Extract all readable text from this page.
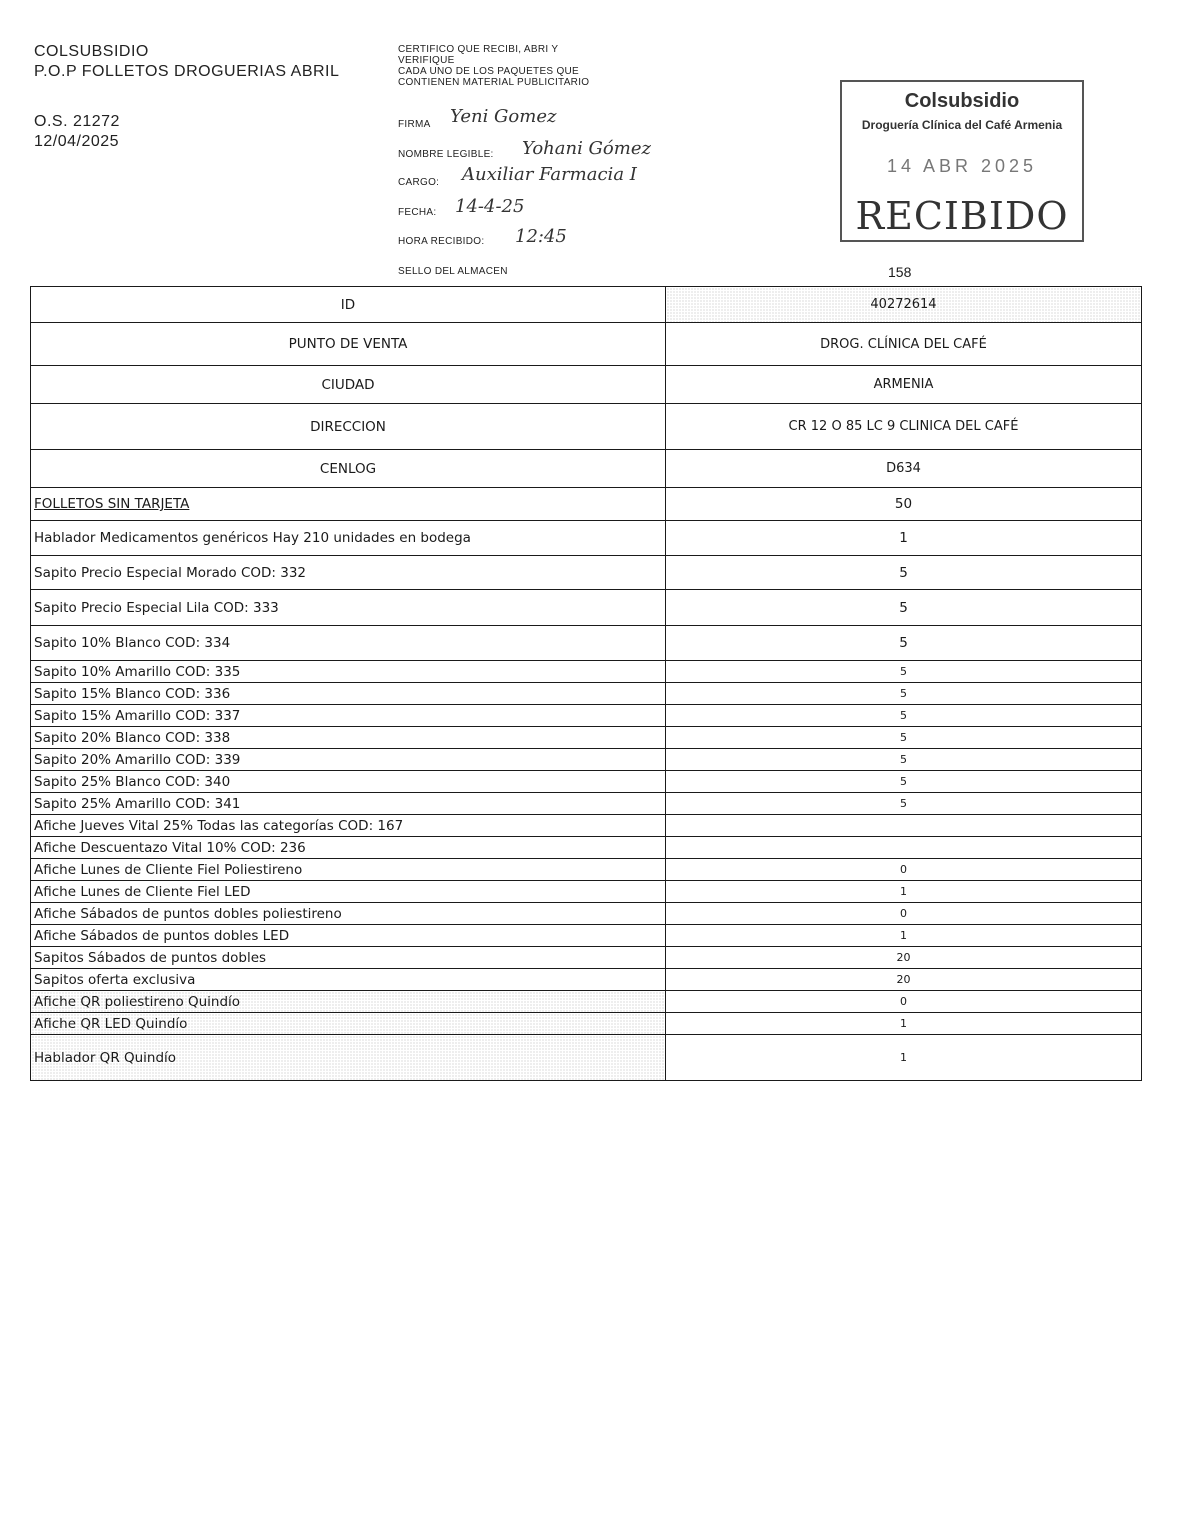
COLSUBSIDIO
P.O.P FOLLETOS DROGUERIAS ABRIL
O.S. 21272
12/04/2025
CERTIFICO QUE RECIBI, ABRI Y
VERIFIQUE
CADA UNO DE LOS PAQUETES QUE
CONTIENEN MATERIAL PUBLICITARIO
FIRMA Yeni Gomez
NOMBRE LEGIBLE: Yohani Gómez
CARGO: Auxiliar Farmacia I
FECHA: 14-4-25
HORA RECIBIDO: 12:45
SELLO DEL ALMACEN
Colsubsidio
Droguería Clínica del Café Armenia
14 ABR 2025
RECIBIDO
158
ID	40272614
PUNTO DE VENTA	DROG. CLÍNICA DEL CAFÉ
CIUDAD	ARMENIA
DIRECCION	CR 12 O 85 LC 9 CLINICA DEL CAFÉ
CENLOG	D634
FOLLETOS SIN TARJETA	50
Hablador Medicamentos genéricos Hay 210 unidades en bodega	1
Sapito Precio Especial Morado COD: 332	5
Sapito Precio Especial Lila COD: 333	5
Sapito 10% Blanco COD: 334	5
Sapito 10% Amarillo COD: 335	5
Sapito 15% Blanco COD: 336	5
Sapito 15% Amarillo COD: 337	5
Sapito 20% Blanco COD: 338	5
Sapito 20% Amarillo COD: 339	5
Sapito 25% Blanco COD: 340	5
Sapito 25% Amarillo COD: 341	5
Afiche Jueves Vital 25% Todas las categorías COD: 167	
Afiche Descuentazo Vital 10% COD: 236	
Afiche Lunes de Cliente Fiel Poliestireno	0
Afiche Lunes de Cliente Fiel LED	1
Afiche Sábados de puntos dobles poliestireno	0
Afiche Sábados de puntos dobles LED	1
Sapitos Sábados de puntos dobles	20
Sapitos oferta exclusiva	20
Afiche QR poliestireno Quindío	0
Afiche QR LED Quindío	1
Hablador QR Quindío	1
